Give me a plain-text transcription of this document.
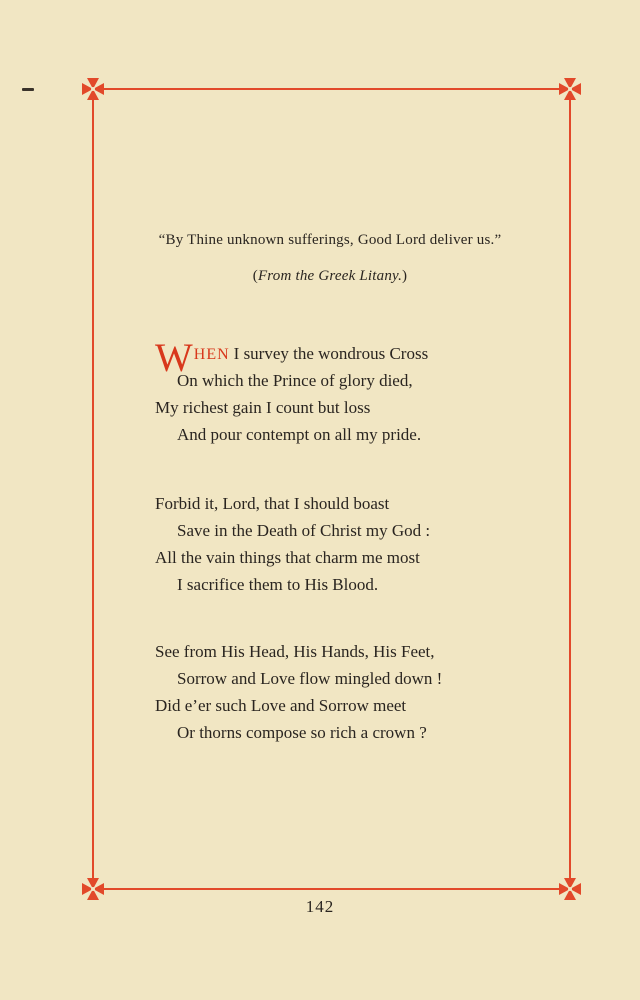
“By Thine unknown sufferings, Good Lord deliver us.”
(From the Greek Litany.)
WHEN I survey the wondrous Cross
On which the Prince of glory died,
My richest gain I count but loss
And pour contempt on all my pride.
Forbid it, Lord, that I should boast
Save in the Death of Christ my God :
All the vain things that charm me most
I sacrifice them to His Blood.
See from His Head, His Hands, His Feet,
Sorrow and Love flow mingled down !
Did e’er such Love and Sorrow meet
Or thorns compose so rich a crown ?
142
